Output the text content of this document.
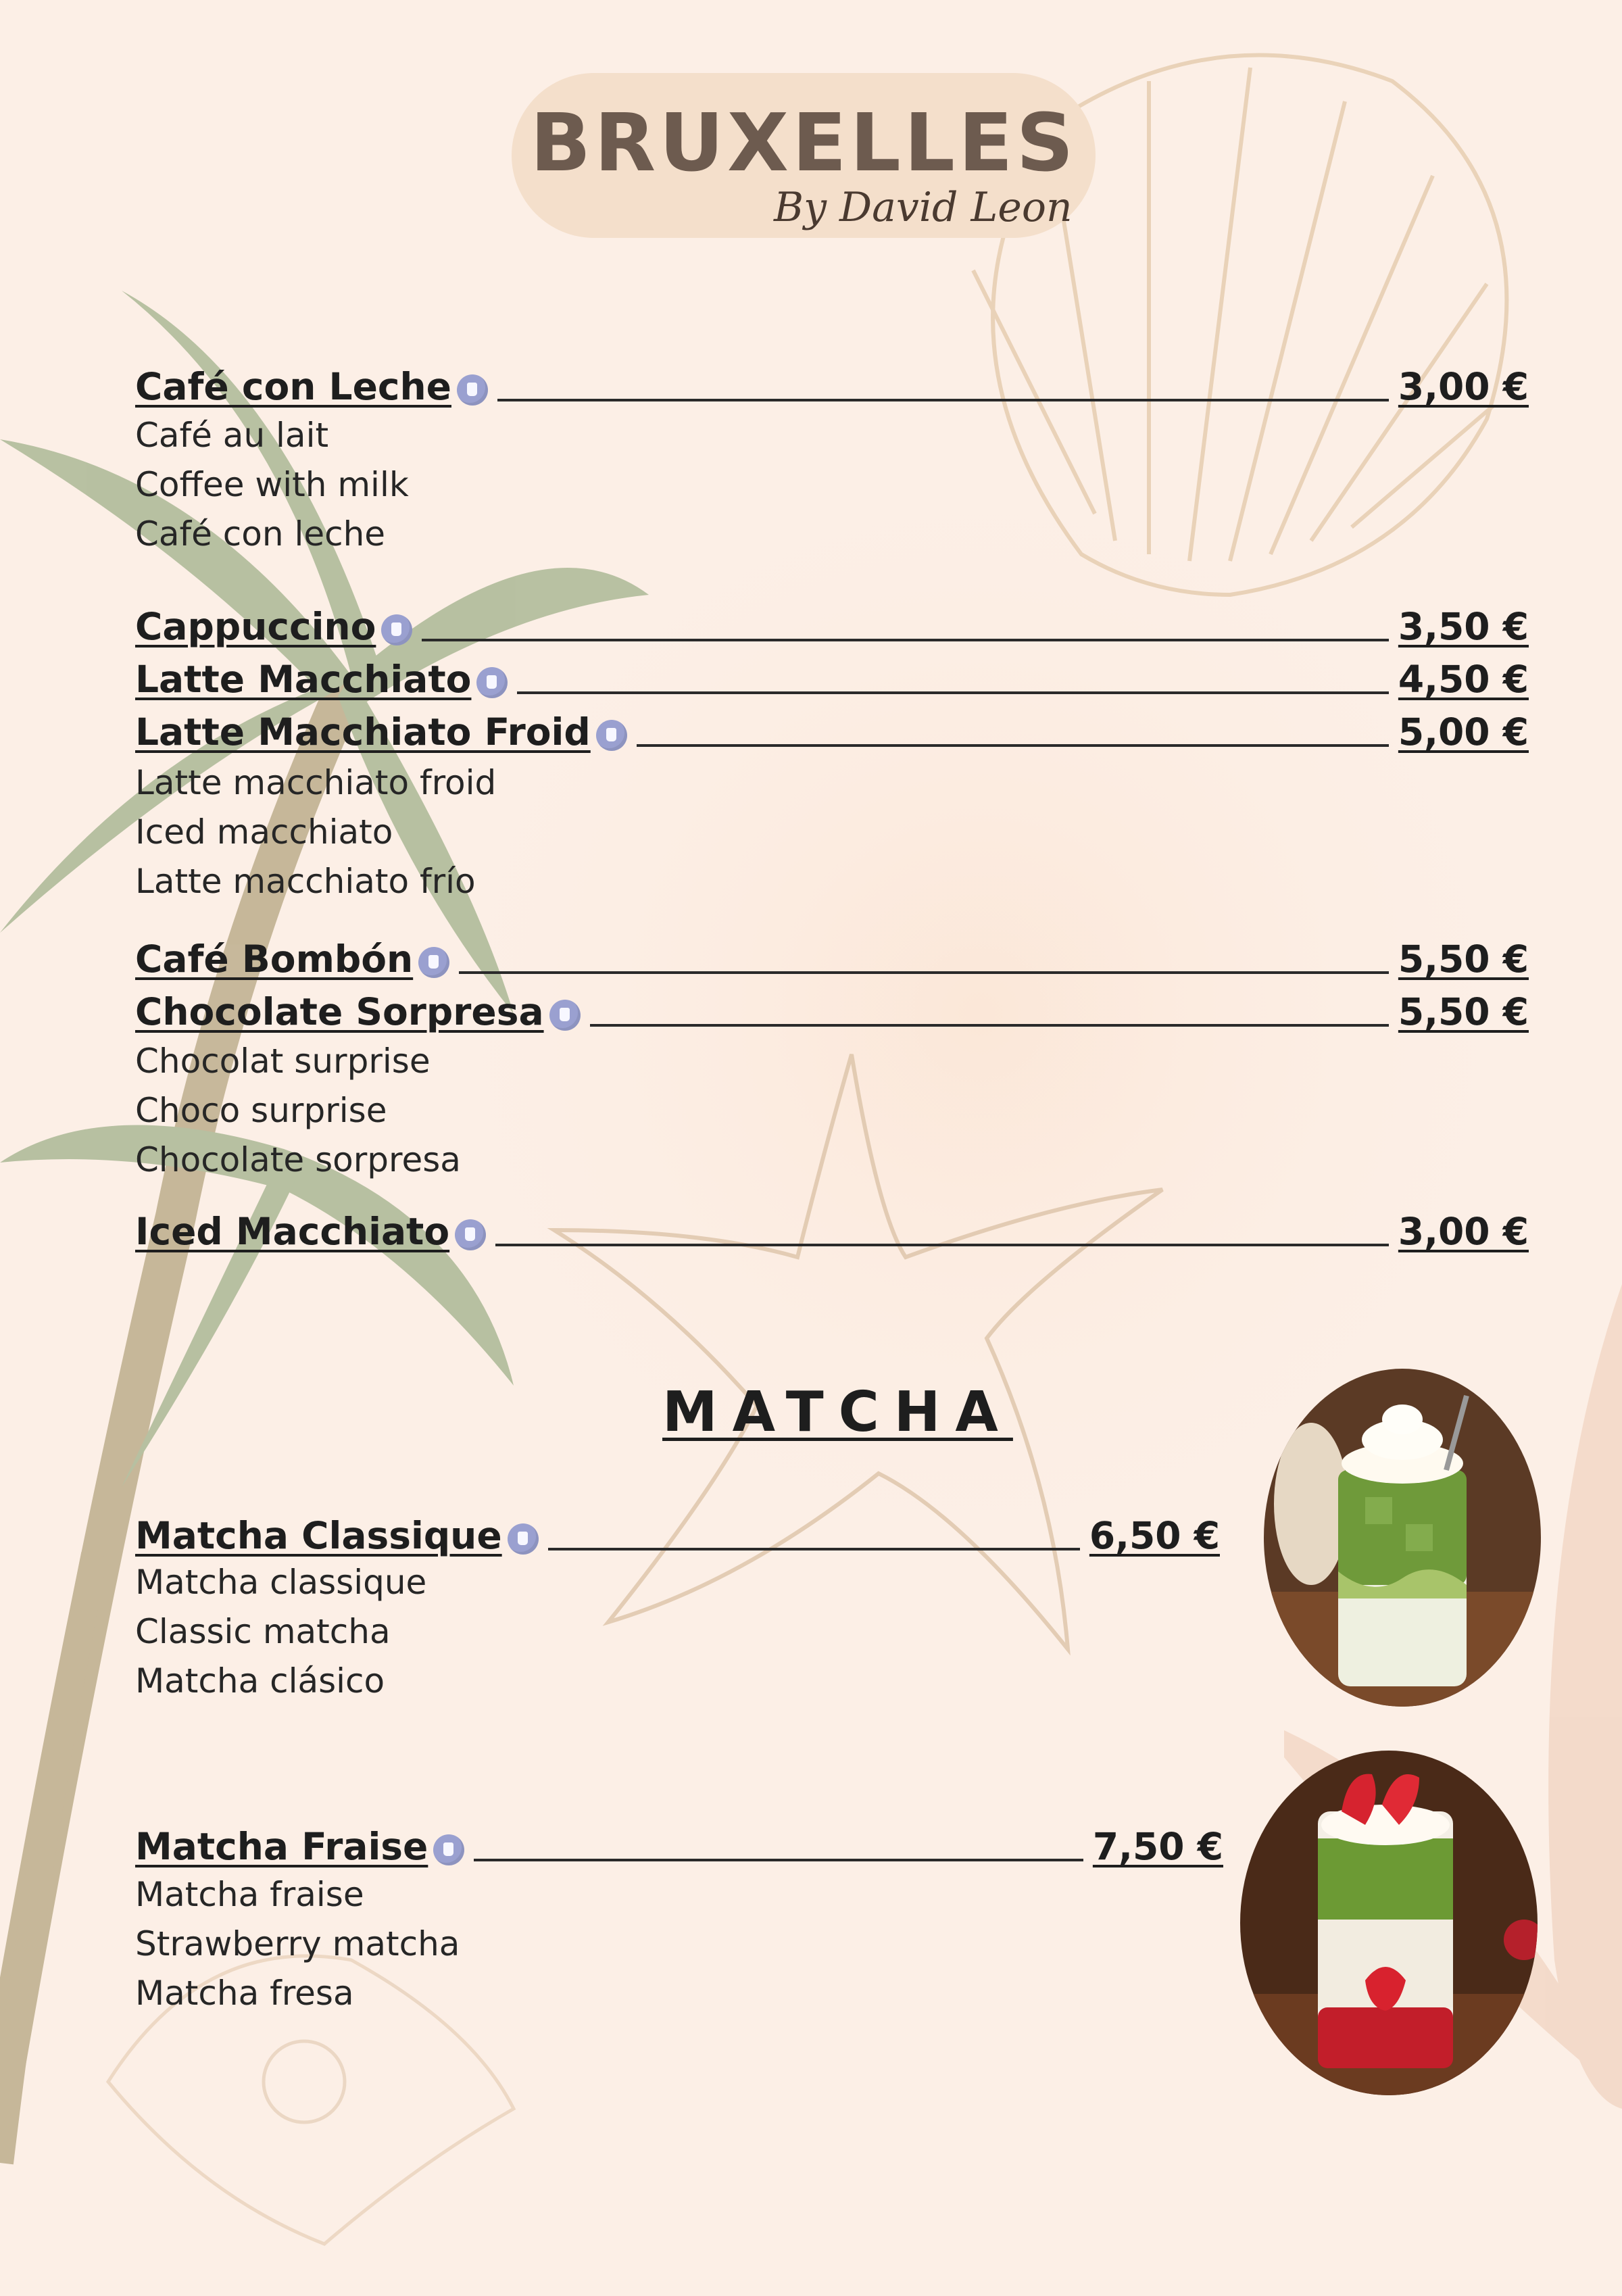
BRUXELLES
By David Leon
Café con Leche	3,00 €
Café au lait
Coffee with milk
Café con leche
Cappuccino	3,50 €
Latte Macchiato	4,50 €
Latte Macchiato Froid	5,00 €
Latte macchiato froid
Iced macchiato
Latte macchiato frío
Café Bombón	5,50 €
Chocolate Sorpresa	5,50 €
Chocolat surprise
Choco surprise
Chocolate sorpresa
Iced Macchiato	3,00 €
MATCHA
Matcha Classique	6,50 €
Matcha classique
Classic matcha
Matcha clásico
Matcha Fraise	7,50 €
Matcha fraise
Strawberry matcha
Matcha fresa
